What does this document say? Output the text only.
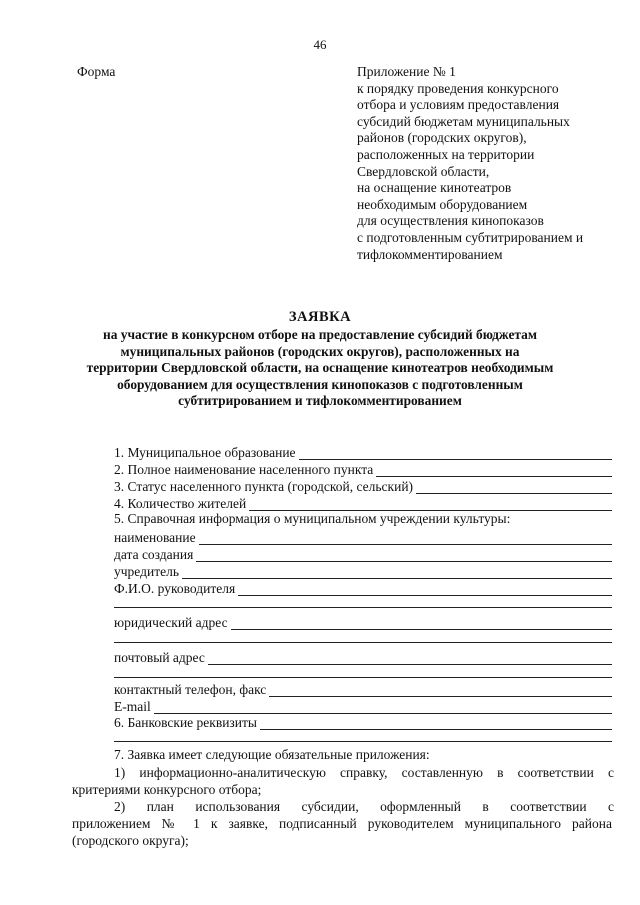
46
Форма	Приложение № 1
к порядку проведения конкурсного
отбора и условиям предоставления
субсидий бюджетам муниципальных
районов (городских округов),
расположенных на территории
Свердловской области,
на оснащение кинотеатров
необходимым оборудованием
для осуществления кинопоказов
с подготовленным субтитрированием и
тифлокомментированием
ЗАЯВКА
на участие в конкурсном отборе на предоставление субсидий бюджетам
муниципальных районов (городских округов), расположенных на
территории Свердловской области, на оснащение кинотеатров необходимым
оборудованием для осуществления кинопоказов с подготовленным
субтитрированием и тифлокомментированием
1. Муниципальное образование
2. Полное наименование населенного пункта
3. Статус населенного пункта (городской, сельский)
4. Количество жителей
5. Справочная информация о муниципальном учреждении культуры:
наименование
дата создания
учредитель
Ф.И.О. руководителя
юридический адрес
почтовый адрес
контактный телефон, факс
E-mail
6. Банковские реквизиты
7. Заявка имеет следующие обязательные приложения:
1) информационно-аналитическую справку, составленную в соответствии с
критериями конкурсного отбора;
2) план использования субсидии, оформленный в соответствии с
приложением № 1 к заявке, подписанный руководителем муниципального района
(городского округа);
